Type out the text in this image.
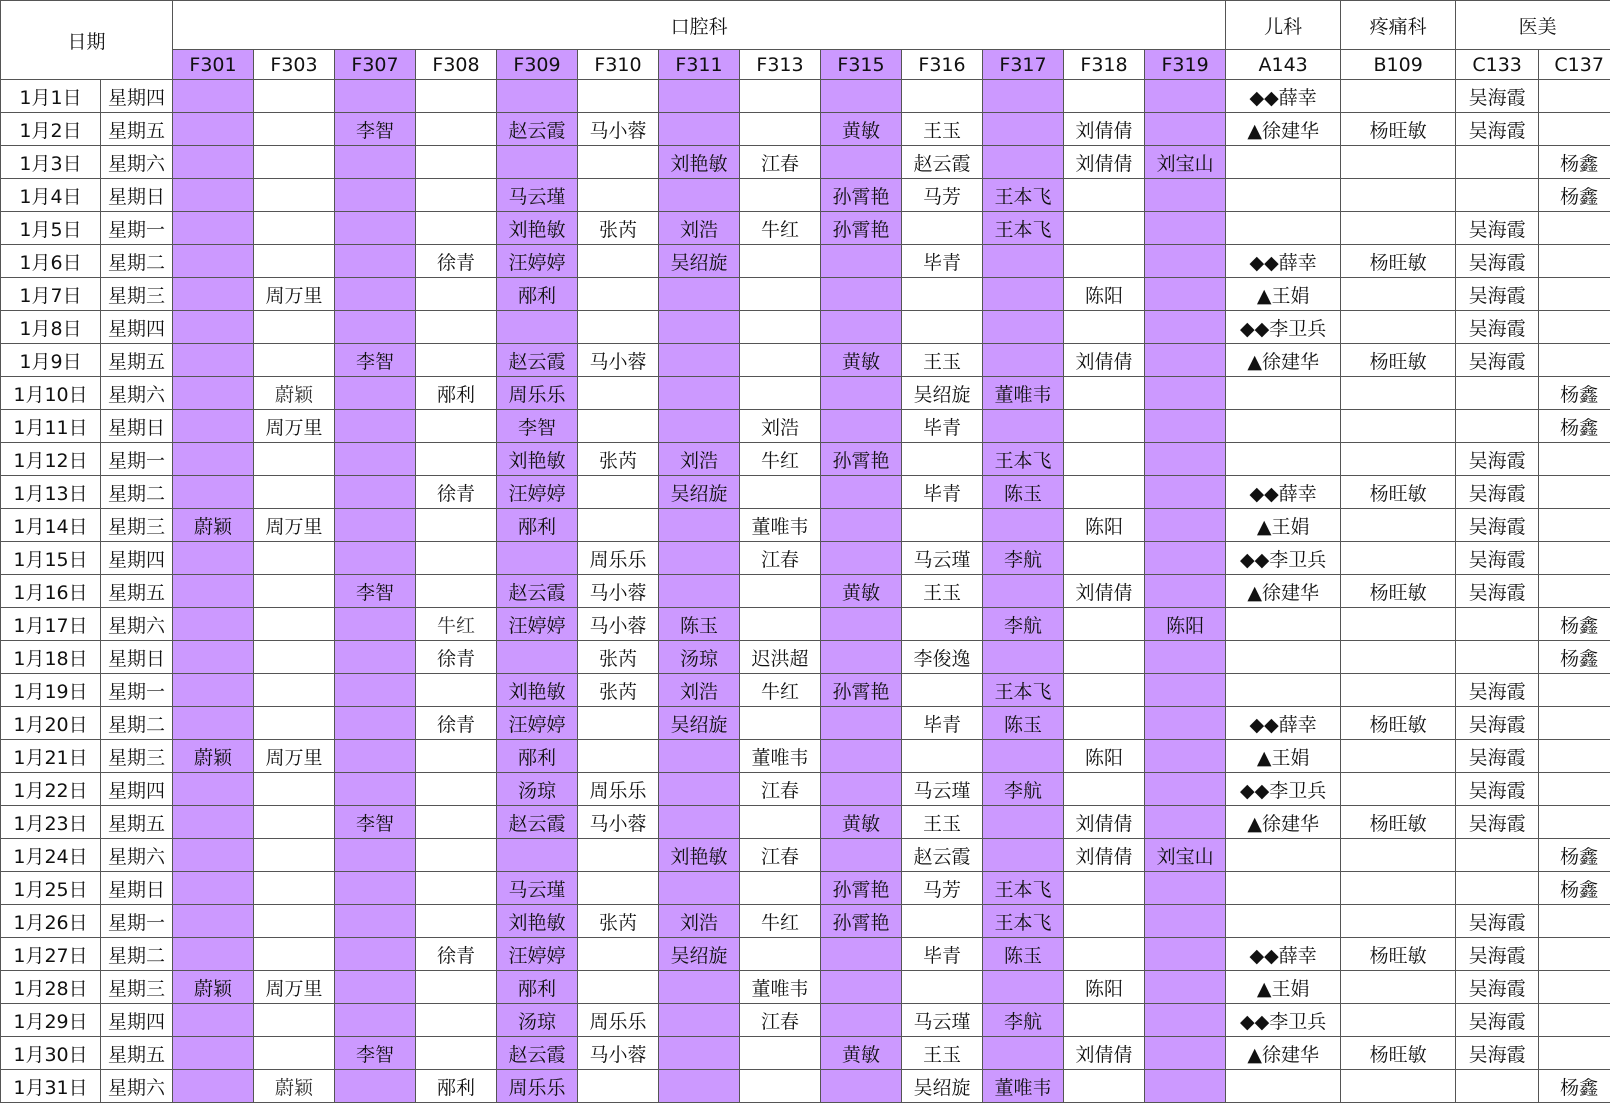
日期		口腔科													儿科	疼痛科	医美	
		F301	F303	F307	F308	F309	F310	F311	F313	F315	F316	F317	F318	F319	A143	B109	C133	C137
1月1日	星期四														◆◆薛幸		吴海霞	
1月2日	星期五			李智		赵云霞	马小蓉			黄敏	王玉		刘倩倩		▲徐建华	杨旺敏	吴海霞	
1月3日	星期六							刘艳敏	江春		赵云霞		刘倩倩	刘宝山				杨鑫
1月4日	星期日					马云瑾				孙霄艳	马芳	王本飞						杨鑫
1月5日	星期一					刘艳敏	张芮	刘浩	牛红	孙霄艳		王本飞					吴海霞	
1月6日	星期二				徐青	汪婷婷		吴绍旋			毕青				◆◆薛幸	杨旺敏	吴海霞	
1月7日	星期三		周万里			邴利							陈阳		▲王娟		吴海霞	
1月8日	星期四														◆◆李卫兵		吴海霞	
1月9日	星期五			李智		赵云霞	马小蓉			黄敏	王玉		刘倩倩		▲徐建华	杨旺敏	吴海霞	
1月10日	星期六		蔚颖		邴利	周乐乐					吴绍旋	董唯韦						杨鑫
1月11日	星期日		周万里			李智			刘浩		毕青							杨鑫
1月12日	星期一					刘艳敏	张芮	刘浩	牛红	孙霄艳		王本飞					吴海霞	
1月13日	星期二				徐青	汪婷婷		吴绍旋			毕青	陈玉			◆◆薛幸	杨旺敏	吴海霞	
1月14日	星期三	蔚颖	周万里			邴利			董唯韦				陈阳		▲王娟		吴海霞	
1月15日	星期四						周乐乐		江春		马云瑾	李航			◆◆李卫兵		吴海霞	
1月16日	星期五			李智		赵云霞	马小蓉			黄敏	王玉		刘倩倩		▲徐建华	杨旺敏	吴海霞	
1月17日	星期六				牛红	汪婷婷	马小蓉	陈玉				李航		陈阳				杨鑫
1月18日	星期日				徐青		张芮	汤琼	迟洪超		李俊逸							杨鑫
1月19日	星期一					刘艳敏	张芮	刘浩	牛红	孙霄艳		王本飞					吴海霞	
1月20日	星期二				徐青	汪婷婷		吴绍旋			毕青	陈玉			◆◆薛幸	杨旺敏	吴海霞	
1月21日	星期三	蔚颖	周万里			邴利			董唯韦				陈阳		▲王娟		吴海霞	
1月22日	星期四					汤琼	周乐乐		江春		马云瑾	李航			◆◆李卫兵		吴海霞	
1月23日	星期五			李智		赵云霞	马小蓉			黄敏	王玉		刘倩倩		▲徐建华	杨旺敏	吴海霞	
1月24日	星期六							刘艳敏	江春		赵云霞		刘倩倩	刘宝山				杨鑫
1月25日	星期日					马云瑾				孙霄艳	马芳	王本飞						杨鑫
1月26日	星期一					刘艳敏	张芮	刘浩	牛红	孙霄艳		王本飞					吴海霞	
1月27日	星期二				徐青	汪婷婷		吴绍旋			毕青	陈玉			◆◆薛幸	杨旺敏	吴海霞	
1月28日	星期三	蔚颖	周万里			邴利			董唯韦				陈阳		▲王娟		吴海霞	
1月29日	星期四					汤琼	周乐乐		江春		马云瑾	李航			◆◆李卫兵		吴海霞	
1月30日	星期五			李智		赵云霞	马小蓉			黄敏	王玉		刘倩倩		▲徐建华	杨旺敏	吴海霞	
1月31日	星期六		蔚颖		邴利	周乐乐					吴绍旋	董唯韦						杨鑫
